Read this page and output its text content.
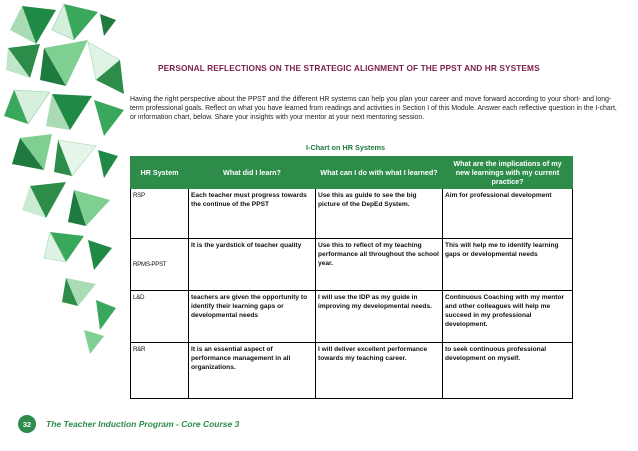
PERSONAL REFLECTIONS ON THE STRATEGIC ALIGNMENT OF THE PPST AND HR SYSTEMS
Having the right perspective about the PPST and the different HR systems can help you plan your career and move forward according to your short- and long-term professional goals. Reflect on what you have learned from readings and activities in Section I of this Module. Answer each reflective question in the I-chart, or information chart, below. Share your insights with your mentor at your next mentoring session.
I-Chart on HR Systems
HR System	What did I learn?	What can I do with what I learned?	What are the implications of my new learnings with my current practice?
RSP	Each teacher must progress towards the continue of the PPST	Use this as guide to see the big picture of the DepEd System.	Aim for professional development
RPMS-PPST	It is the yardstick of teacher quality	Use this to reflect of my teaching performance all throughout the school year.	This will help me to identify learning gaps or developmental needs
L&D	teachers are given the opportunity to identify their learning gaps or developmental needs	I will use the IDP as my guide in improving my developmental needs.	Continuous Coaching with my mentor and other colleagues will help me succeed in my professional development.
R&R	It is an essential aspect of performance management in all organizations.	I will deliver excellent performance towards my teaching career.	to seek continuous professional development on myself.
32	The Teacher Induction Program - Core Course 3
